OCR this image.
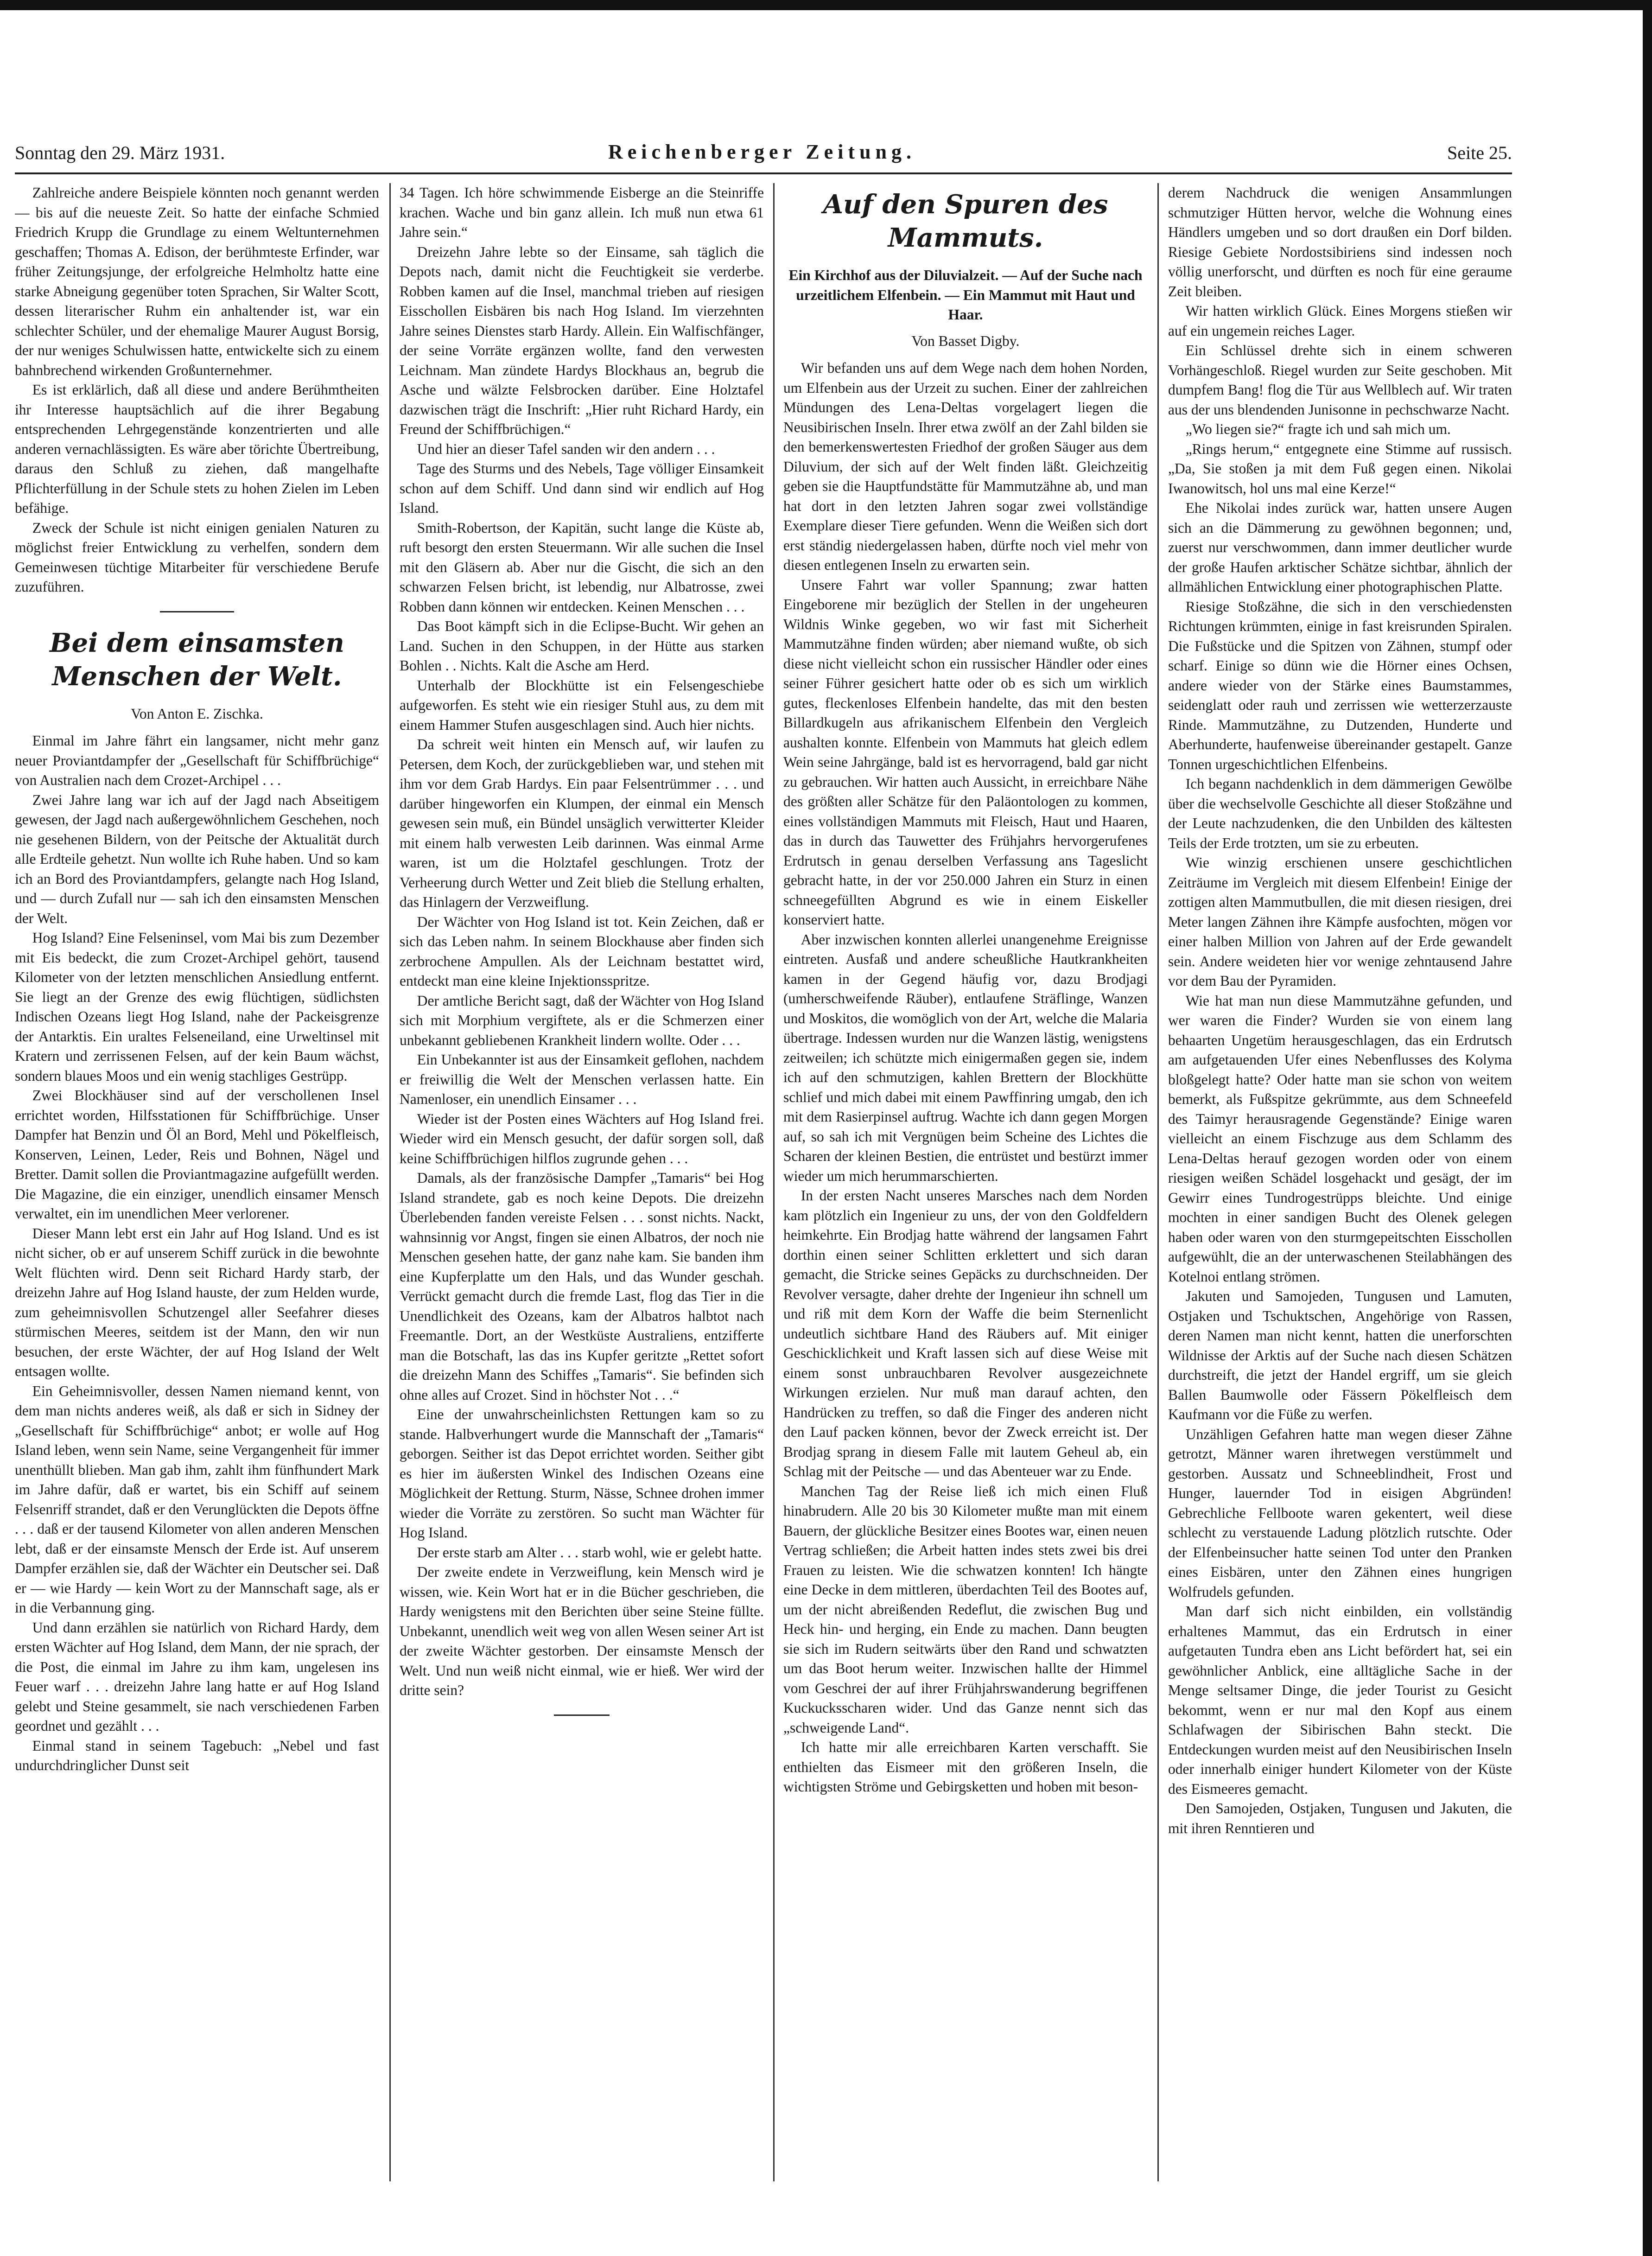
Sonntag den 29. März 1931.	Reichenberger Zeitung.	Seite 25.

Zahlreiche andere Beispiele könnten noch genannt werden — bis auf die neueste Zeit. So hatte der einfache Schmied Friedrich Krupp die Grundlage zu einem Weltunternehmen geschaffen; Thomas A. Edison, der berühmteste Erfinder, war früher Zeitungsjunge, der erfolgreiche Helmholtz hatte eine starke Abneigung gegenüber toten Sprachen, Sir Walter Scott, dessen literarischer Ruhm ein anhaltender ist, war ein schlechter Schüler, und der ehemalige Maurer August Borsig, der nur weniges Schulwissen hatte, entwickelte sich zu einem bahnbrechend wirkenden Großunternehmer.

Es ist erklärlich, daß all diese und andere Berühmtheiten ihr Interesse hauptsächlich auf die ihrer Begabung entsprechenden Lehrgegenstände konzentrierten und alle anderen vernachlässigten. Es wäre aber törichte Übertreibung, daraus den Schluß zu ziehen, daß mangelhafte Pflichterfüllung in der Schule stets zu hohen Zielen im Leben befähige.

Zweck der Schule ist nicht einigen genialen Naturen zu möglichst freier Entwicklung zu verhelfen, sondern dem Gemeinwesen tüchtige Mitarbeiter für verschiedene Berufe zuzuführen.

Bei dem einsamsten Menschen der Welt.

Von Anton E. Zischka.

Einmal im Jahre fährt ein langsamer, nicht mehr ganz neuer Proviantdampfer der „Gesellschaft für Schiffbrüchige“ von Australien nach dem Crozet-Archipel . . .

Zwei Jahre lang war ich auf der Jagd nach Abseitigem gewesen, der Jagd nach außergewöhnlichem Geschehen, noch nie gesehenen Bildern, von der Peitsche der Aktualität durch alle Erdteile gehetzt. Nun wollte ich Ruhe haben. Und so kam ich an Bord des Proviantdampfers, gelangte nach Hog Island, und — durch Zufall nur — sah ich den einsamsten Menschen der Welt.

Hog Island? Eine Felseninsel, vom Mai bis zum Dezember mit Eis bedeckt, die zum Crozet-Archipel gehört, tausend Kilometer von der letzten menschlichen Ansiedlung entfernt. Sie liegt an der Grenze des ewig flüchtigen, südlichsten Indischen Ozeans liegt Hog Island, nahe der Packeisgrenze der Antarktis. Ein uraltes Felseneiland, eine Urweltinsel mit Kratern und zerrissenen Felsen, auf der kein Baum wächst, sondern blaues Moos und ein wenig stachliges Gestrüpp.

Zwei Blockhäuser sind auf der verschollenen Insel errichtet worden, Hilfsstationen für Schiffbrüchige. Unser Dampfer hat Benzin und Öl an Bord, Mehl und Pökelfleisch, Konserven, Leinen, Leder, Reis und Bohnen, Nägel und Bretter. Damit sollen die Proviantmagazine aufgefüllt werden. Die Magazine, die ein einziger, unendlich einsamer Mensch verwaltet, ein im unendlichen Meer verlorener.

Dieser Mann lebt erst ein Jahr auf Hog Island. Und es ist nicht sicher, ob er auf unserem Schiff zurück in die bewohnte Welt flüchten wird. Denn seit Richard Hardy starb, der dreizehn Jahre auf Hog Island hauste, der zum Helden wurde, zum geheimnisvollen Schutzengel aller Seefahrer dieses stürmischen Meeres, seitdem ist der Mann, den wir nun besuchen, der erste Wächter, der auf Hog Island der Welt entsagen wollte.

Ein Geheimnisvoller, dessen Namen niemand kennt, von dem man nichts anderes weiß, als daß er sich in Sidney der „Gesellschaft für Schiffbrüchige“ anbot; er wolle auf Hog Island leben, wenn sein Name, seine Vergangenheit für immer unenthüllt blieben. Man gab ihm, zahlt ihm fünfhundert Mark im Jahre dafür, daß er wartet, bis ein Schiff auf seinem Felsenriff strandet, daß er den Verunglückten die Depots öffne . . . daß er der tausend Kilometer von allen anderen Menschen lebt, daß er der einsamste Mensch der Erde ist. Auf unserem Dampfer erzählen sie, daß der Wächter ein Deutscher sei. Daß er — wie Hardy — kein Wort zu der Mannschaft sage, als er in die Verbannung ging.

Und dann erzählen sie natürlich von Richard Hardy, dem ersten Wächter auf Hog Island, dem Mann, der nie sprach, der die Post, die einmal im Jahre zu ihm kam, ungelesen ins Feuer warf . . . dreizehn Jahre lang hatte er auf Hog Island gelebt und Steine gesammelt, sie nach verschiedenen Farben geordnet und gezählt . . .

Einmal stand in seinem Tagebuch: „Nebel und fast undurchdringlicher Dunst seit

34 Tagen. Ich höre schwimmende Eisberge an die Steinriffe krachen. Wache und bin ganz allein. Ich muß nun etwa 61 Jahre sein.“

Dreizehn Jahre lebte so der Einsame, sah täglich die Depots nach, damit nicht die Feuchtigkeit sie verderbe. Robben kamen auf die Insel, manchmal trieben auf riesigen Eisschollen Eisbären bis nach Hog Island. Im vierzehnten Jahre seines Dienstes starb Hardy. Allein. Ein Walfischfänger, der seine Vorräte ergänzen wollte, fand den verwesten Leichnam. Man zündete Hardys Blockhaus an, begrub die Asche und wälzte Felsbrocken darüber. Eine Holztafel dazwischen trägt die Inschrift: „Hier ruht Richard Hardy, ein Freund der Schiffbrüchigen.“

Und hier an dieser Tafel sanden wir den andern . . .

Tage des Sturms und des Nebels, Tage völliger Einsamkeit schon auf dem Schiff. Und dann sind wir endlich auf Hog Island.

Smith-Robertson, der Kapitän, sucht lange die Küste ab, ruft besorgt den ersten Steuermann. Wir alle suchen die Insel mit den Gläsern ab. Aber nur die Gischt, die sich an den schwarzen Felsen bricht, ist lebendig, nur Albatrosse, zwei Robben dann können wir entdecken. Keinen Menschen . . .

Das Boot kämpft sich in die Eclipse-Bucht. Wir gehen an Land. Suchen in den Schuppen, in der Hütte aus starken Bohlen . . Nichts. Kalt die Asche am Herd.

Unterhalb der Blockhütte ist ein Felsengeschiebe aufgeworfen. Es steht wie ein riesiger Stuhl aus, zu dem mit einem Hammer Stufen ausgeschlagen sind. Auch hier nichts.

Da schreit weit hinten ein Mensch auf, wir laufen zu Petersen, dem Koch, der zurückgeblieben war, und stehen mit ihm vor dem Grab Hardys. Ein paar Felsentrümmer . . . und darüber hingeworfen ein Klumpen, der einmal ein Mensch gewesen sein muß, ein Bündel unsäglich verwitterter Kleider mit einem halb verwesten Leib darinnen. Was einmal Arme waren, ist um die Holztafel geschlungen. Trotz der Verheerung durch Wetter und Zeit blieb die Stellung erhalten, das Hinlagern der Verzweiflung.

Der Wächter von Hog Island ist tot. Kein Zeichen, daß er sich das Leben nahm. In seinem Blockhause aber finden sich zerbrochene Ampullen. Als der Leichnam bestattet wird, entdeckt man eine kleine Injektionsspritze.

Der amtliche Bericht sagt, daß der Wächter von Hog Island sich mit Morphium vergiftete, als er die Schmerzen einer unbekannt gebliebenen Krankheit lindern wollte. Oder . . .

Ein Unbekannter ist aus der Einsamkeit geflohen, nachdem er freiwillig die Welt der Menschen verlassen hatte. Ein Namenloser, ein unendlich Einsamer . . .

Wieder ist der Posten eines Wächters auf Hog Island frei. Wieder wird ein Mensch gesucht, der dafür sorgen soll, daß keine Schiffbrüchigen hilflos zugrunde gehen . . .

Damals, als der französische Dampfer „Tamaris“ bei Hog Island strandete, gab es noch keine Depots. Die dreizehn Überlebenden fanden vereiste Felsen . . . sonst nichts. Nackt, wahnsinnig vor Angst, fingen sie einen Albatros, der noch nie Menschen gesehen hatte, der ganz nahe kam. Sie banden ihm eine Kupferplatte um den Hals, und das Wunder geschah. Verrückt gemacht durch die fremde Last, flog das Tier in die Unendlichkeit des Ozeans, kam der Albatros halbtot nach Freemantle. Dort, an der Westküste Australiens, entzifferte man die Botschaft, las das ins Kupfer geritzte „Rettet sofort die dreizehn Mann des Schiffes „Tamaris“. Sie befinden sich ohne alles auf Crozet. Sind in höchster Not . . .“

Eine der unwahrscheinlichsten Rettungen kam so zu stande. Halbverhungert wurde die Mannschaft der „Tamaris“ geborgen. Seither ist das Depot errichtet worden. Seither gibt es hier im äußersten Winkel des Indischen Ozeans eine Möglichkeit der Rettung. Sturm, Nässe, Schnee drohen immer wieder die Vorräte zu zerstören. So sucht man Wächter für Hog Island.

Der erste starb am Alter . . . starb wohl, wie er gelebt hatte.

Der zweite endete in Verzweiflung, kein Mensch wird je wissen, wie. Kein Wort hat er in die Bücher geschrieben, die Hardy wenigstens mit den Berichten über seine Steine füllte. Unbekannt, unendlich weit weg von allen Wesen seiner Art ist der zweite Wächter gestorben. Der einsamste Mensch der Welt. Und nun weiß nicht einmal, wie er hieß. Wer wird der dritte sein?

Auf den Spuren des Mammuts.

Ein Kirchhof aus der Diluvialzeit. — Auf der Suche nach urzeitlichem Elfenbein. — Ein Mammut mit Haut und Haar.

Von Basset Digby.

Wir befanden uns auf dem Wege nach dem hohen Norden, um Elfenbein aus der Urzeit zu suchen. Einer der zahlreichen Mündungen des Lena-Deltas vorgelagert liegen die Neusibirischen Inseln. Ihrer etwa zwölf an der Zahl bilden sie den bemerkenswertesten Friedhof der großen Säuger aus dem Diluvium, der sich auf der Welt finden läßt. Gleichzeitig geben sie die Hauptfundstätte für Mammutzähne ab, und man hat dort in den letzten Jahren sogar zwei vollständige Exemplare dieser Tiere gefunden. Wenn die Weißen sich dort erst ständig niedergelassen haben, dürfte noch viel mehr von diesen entlegenen Inseln zu erwarten sein.

Unsere Fahrt war voller Spannung; zwar hatten Eingeborene mir bezüglich der Stellen in der ungeheuren Wildnis Winke gegeben, wo wir fast mit Sicherheit Mammutzähne finden würden; aber niemand wußte, ob sich diese nicht vielleicht schon ein russischer Händler oder eines seiner Führer gesichert hatte oder ob es sich um wirklich gutes, fleckenloses Elfenbein handelte, das mit den besten Billardkugeln aus afrikanischem Elfenbein den Vergleich aushalten konnte. Elfenbein von Mammuts hat gleich edlem Wein seine Jahrgänge, bald ist es hervorragend, bald gar nicht zu gebrauchen. Wir hatten auch Aussicht, in erreichbare Nähe des größten aller Schätze für den Paläontologen zu kommen, eines vollständigen Mammuts mit Fleisch, Haut und Haaren, das in durch das Tauwetter des Frühjahrs hervorgerufenes Erdrutsch in genau derselben Verfassung ans Tageslicht gebracht hatte, in der vor 250.000 Jahren ein Sturz in einen schneegefüllten Abgrund es wie in einem Eiskeller konserviert hatte.

Aber inzwischen konnten allerlei unangenehme Ereignisse eintreten. Ausfaß und andere scheußliche Hautkrankheiten kamen in der Gegend häufig vor, dazu Brodjagi (umherschweifende Räuber), entlaufene Sträflinge, Wanzen und Moskitos, die womöglich von der Art, welche die Malaria übertrage. Indessen wurden nur die Wanzen lästig, wenigstens zeitweilen; ich schützte mich einigermaßen gegen sie, indem ich auf den schmutzigen, kahlen Brettern der Blockhütte schlief und mich dabei mit einem Pawffinring umgab, den ich mit dem Rasierpinsel auftrug. Wachte ich dann gegen Morgen auf, so sah ich mit Vergnügen beim Scheine des Lichtes die Scharen der kleinen Bestien, die entrüstet und bestürzt immer wieder um mich herummarschierten.

In der ersten Nacht unseres Marsches nach dem Norden kam plötzlich ein Ingenieur zu uns, der von den Goldfeldern heimkehrte. Ein Brodjag hatte während der langsamen Fahrt dorthin einen seiner Schlitten erklettert und sich daran gemacht, die Stricke seines Gepäcks zu durchschneiden. Der Revolver versagte, daher drehte der Ingenieur ihn schnell um und riß mit dem Korn der Waffe die beim Sternenlicht undeutlich sichtbare Hand des Räubers auf. Mit einiger Geschicklichkeit und Kraft lassen sich auf diese Weise mit einem sonst unbrauchbaren Revolver ausgezeichnete Wirkungen erzielen. Nur muß man darauf achten, den Handrücken zu treffen, so daß die Finger des anderen nicht den Lauf packen können, bevor der Zweck erreicht ist. Der Brodjag sprang in diesem Falle mit lautem Geheul ab, ein Schlag mit der Peitsche — und das Abenteuer war zu Ende.

Manchen Tag der Reise ließ ich mich einen Fluß hinabrudern. Alle 20 bis 30 Kilometer mußte man mit einem Bauern, der glückliche Besitzer eines Bootes war, einen neuen Vertrag schließen; die Arbeit hatten indes stets zwei bis drei Frauen zu leisten. Wie die schwatzen konnten! Ich hängte eine Decke in dem mittleren, überdachten Teil des Bootes auf, um der nicht abreißenden Redeflut, die zwischen Bug und Heck hin- und herging, ein Ende zu machen. Dann beugten sie sich im Rudern seitwärts über den Rand und schwatzten um das Boot herum weiter. Inzwischen hallte der Himmel vom Geschrei der auf ihrer Frühjahrswanderung begriffenen Kuckucksscharen wider. Und das Ganze nennt sich das „schweigende Land“.

Ich hatte mir alle erreichbaren Karten verschafft. Sie enthielten das Eismeer mit den größeren Inseln, die wichtigsten Ströme und Gebirgsketten und hoben mit beson-

derem Nachdruck die wenigen Ansammlungen schmutziger Hütten hervor, welche die Wohnung eines Händlers umgeben und so dort draußen ein Dorf bilden. Riesige Gebiete Nordostsibiriens sind indessen noch völlig unerforscht, und dürften es noch für eine geraume Zeit bleiben.

Wir hatten wirklich Glück. Eines Morgens stießen wir auf ein ungemein reiches Lager.

Ein Schlüssel drehte sich in einem schweren Vorhängeschloß. Riegel wurden zur Seite geschoben. Mit dumpfem Bang! flog die Tür aus Wellblech auf. Wir traten aus der uns blendenden Junisonne in pechschwarze Nacht.

„Wo liegen sie?“ fragte ich und sah mich um.

„Rings herum,“ entgegnete eine Stimme auf russisch. „Da, Sie stoßen ja mit dem Fuß gegen einen. Nikolai Iwanowitsch, hol uns mal eine Kerze!“

Ehe Nikolai indes zurück war, hatten unsere Augen sich an die Dämmerung zu gewöhnen begonnen; und, zuerst nur verschwommen, dann immer deutlicher wurde der große Haufen arktischer Schätze sichtbar, ähnlich der allmählichen Entwicklung einer photographischen Platte.

Riesige Stoßzähne, die sich in den verschiedensten Richtungen krümmten, einige in fast kreisrunden Spiralen. Die Fußstücke und die Spitzen von Zähnen, stumpf oder scharf. Einige so dünn wie die Hörner eines Ochsen, andere wieder von der Stärke eines Baumstammes, seidenglatt oder rauh und zerrissen wie wetterzerzauste Rinde. Mammutzähne, zu Dutzenden, Hunderte und Aberhunderte, haufenweise übereinander gestapelt. Ganze Tonnen urgeschichtlichen Elfenbeins.

Ich begann nachdenklich in dem dämmerigen Gewölbe über die wechselvolle Geschichte all dieser Stoßzähne und der Leute nachzudenken, die den Unbilden des kältesten Teils der Erde trotzten, um sie zu erbeuten.

Wie winzig erschienen unsere geschichtlichen Zeiträume im Vergleich mit diesem Elfenbein! Einige der zottigen alten Mammutbullen, die mit diesen riesigen, drei Meter langen Zähnen ihre Kämpfe ausfochten, mögen vor einer halben Million von Jahren auf der Erde gewandelt sein. Andere weideten hier vor wenige zehntausend Jahre vor dem Bau der Pyramiden.

Wie hat man nun diese Mammutzähne gefunden, und wer waren die Finder? Wurden sie von einem lang behaarten Ungetüm herausgeschlagen, das ein Erdrutsch am aufgetauenden Ufer eines Nebenflusses des Kolyma bloßgelegt hatte? Oder hatte man sie schon von weitem bemerkt, als Fußspitze gekrümmte, aus dem Schneefeld des Taimyr herausragende Gegenstände? Einige waren vielleicht an einem Fischzuge aus dem Schlamm des Lena-Deltas herauf gezogen worden oder von einem riesigen weißen Schädel losgehackt und gesägt, der im Gewirr eines Tundrogestrüpps bleichte. Und einige mochten in einer sandigen Bucht des Olenek gelegen haben oder waren von den sturmgepeitschten Eisschollen aufgewühlt, die an der unterwaschenen Steilabhängen des Kotelnoi entlang strömen.

Jakuten und Samojeden, Tungusen und Lamuten, Ostjaken und Tschuktschen, Angehörige von Rassen, deren Namen man nicht kennt, hatten die unerforschten Wildnisse der Arktis auf der Suche nach diesen Schätzen durchstreift, die jetzt der Handel ergriff, um sie gleich Ballen Baumwolle oder Fässern Pökelfleisch dem Kaufmann vor die Füße zu werfen.

Unzähligen Gefahren hatte man wegen dieser Zähne getrotzt, Männer waren ihretwegen verstümmelt und gestorben. Aussatz und Schneeblindheit, Frost und Hunger, lauernder Tod in eisigen Abgründen! Gebrechliche Fellboote waren gekentert, weil diese schlecht zu verstauende Ladung plötzlich rutschte. Oder der Elfenbeinsucher hatte seinen Tod unter den Pranken eines Eisbären, unter den Zähnen eines hungrigen Wolfrudels gefunden.

Man darf sich nicht einbilden, ein vollständig erhaltenes Mammut, das ein Erdrutsch in einer aufgetauten Tundra eben ans Licht befördert hat, sei ein gewöhnlicher Anblick, eine alltägliche Sache in der Menge seltsamer Dinge, die jeder Tourist zu Gesicht bekommt, wenn er nur mal den Kopf aus einem Schlafwagen der Sibirischen Bahn steckt. Die Entdeckungen wurden meist auf den Neusibirischen Inseln oder innerhalb einiger hundert Kilometer von der Küste des Eismeeres gemacht.

Den Samojeden, Ostjaken, Tungusen und Jakuten, die mit ihren Renntieren und
